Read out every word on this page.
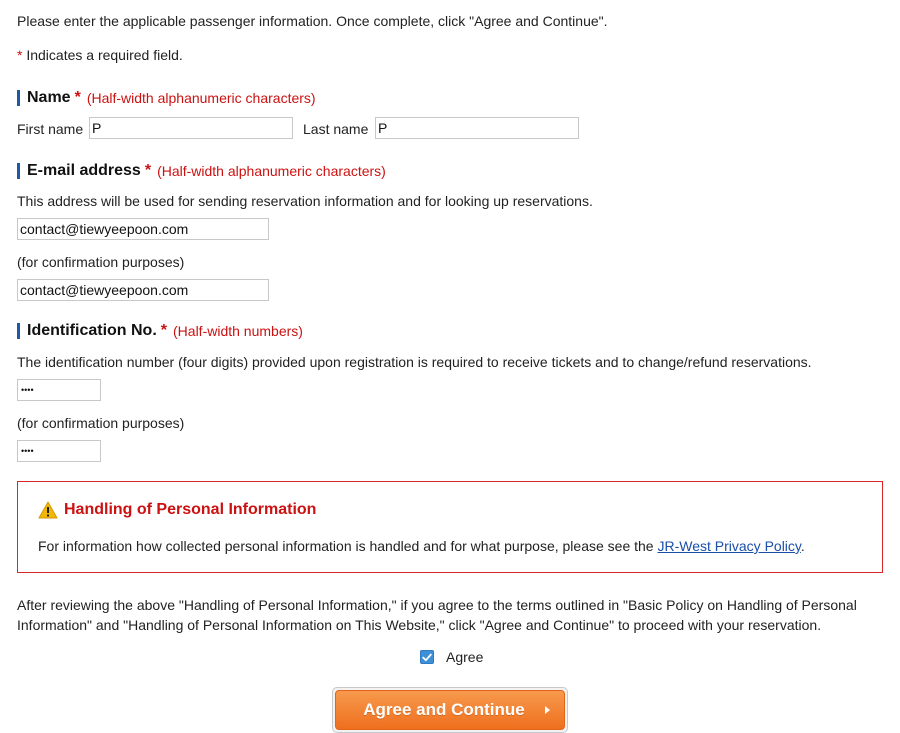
Please enter the applicable passenger information. Once complete, click "Agree and Continue".
* Indicates a required field.
Name * (Half-width alphanumeric characters)
First name
P	Last name
P
E-mail address * (Half-width alphanumeric characters)
This address will be used for sending reservation information and for looking up reservations.
contact@tiewyeepoon.com
(for confirmation purposes)
contact@tiewyeepoon.com
Identification No. * (Half-width numbers)
The identification number (four digits) provided upon registration is required to receive tickets and to change/refund reservations.
••••
(for confirmation purposes)
••••
Handling of Personal Information
For information how collected personal information is handled and for what purpose, please see the JR-West Privacy Policy.
After reviewing the above "Handling of Personal Information," if you agree to the terms outlined in "Basic Policy on Handling of Personal Information" and "Handling of Personal Information on This Website," click "Agree and Continue" to proceed with your reservation.
Agree
Agree and Continue
